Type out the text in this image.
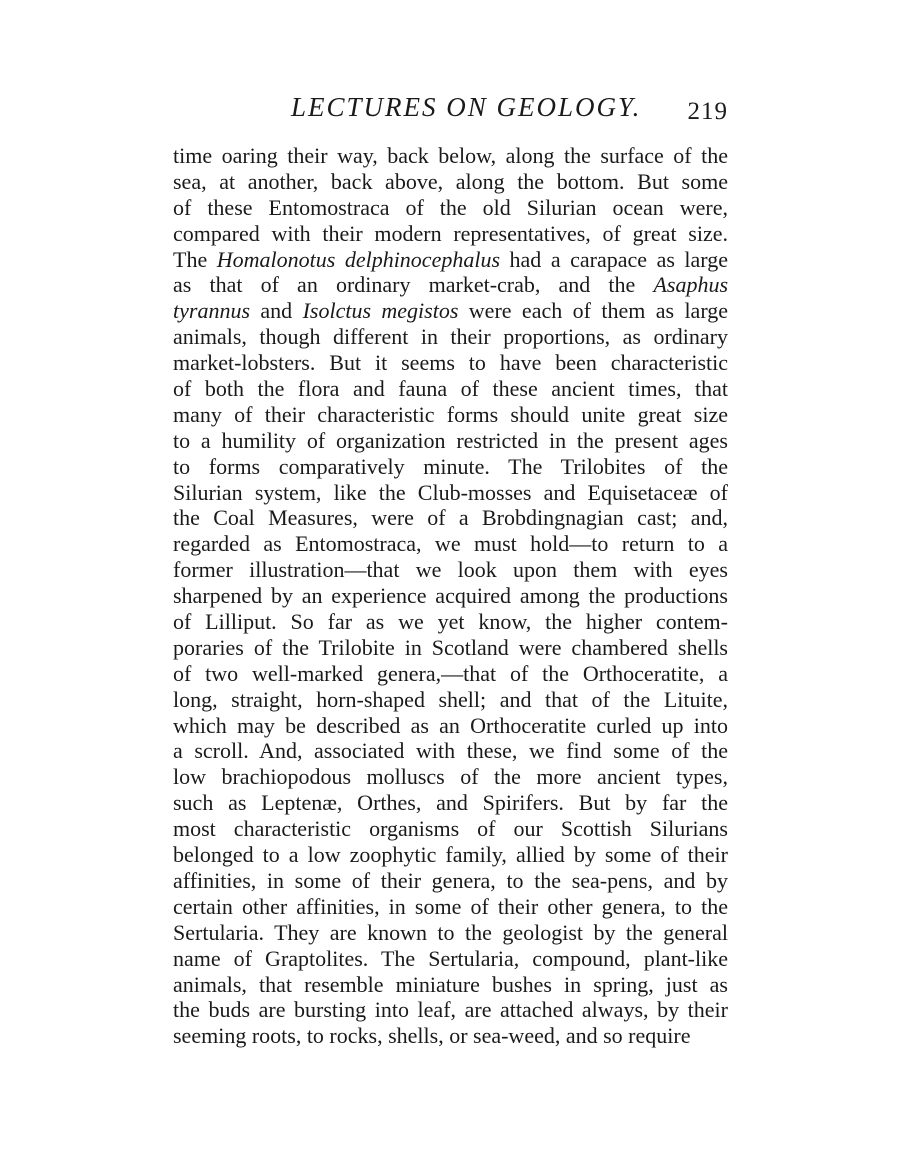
LECTURES ON GEOLOGY. 219
time oaring their way, back below, along the surface of the
sea, at another, back above, along the bottom. But some
of these Entomostraca of the old Silurian ocean were,
compared with their modern representatives, of great size.
The Homalonotus delphinocephalus had a carapace as large
as that of an ordinary market-crab, and the Asaphus
tyrannus and Isolctus megistos were each of them as large
animals, though different in their proportions, as ordinary
market-lobsters. But it seems to have been characteristic
of both the flora and fauna of these ancient times, that
many of their characteristic forms should unite great size
to a humility of organization restricted in the present ages
to forms comparatively minute. The Trilobites of the
Silurian system, like the Club-mosses and Equisetaceæ of
the Coal Measures, were of a Brobdingnagian cast; and,
regarded as Entomostraca, we must hold—to return to a
former illustration—that we look upon them with eyes
sharpened by an experience acquired among the productions
of Lilliput. So far as we yet know, the higher contem-
poraries of the Trilobite in Scotland were chambered shells
of two well-marked genera,—that of the Orthoceratite, a
long, straight, horn-shaped shell; and that of the Lituite,
which may be described as an Orthoceratite curled up into
a scroll. And, associated with these, we find some of the
low brachiopodous molluscs of the more ancient types,
such as Leptenæ, Orthes, and Spirifers. But by far the
most characteristic organisms of our Scottish Silurians
belonged to a low zoophytic family, allied by some of their
affinities, in some of their genera, to the sea-pens, and by
certain other affinities, in some of their other genera, to the
Sertularia. They are known to the geologist by the general
name of Graptolites. The Sertularia, compound, plant-like
animals, that resemble miniature bushes in spring, just as
the buds are bursting into leaf, are attached always, by their
seeming roots, to rocks, shells, or sea-weed, and so require
